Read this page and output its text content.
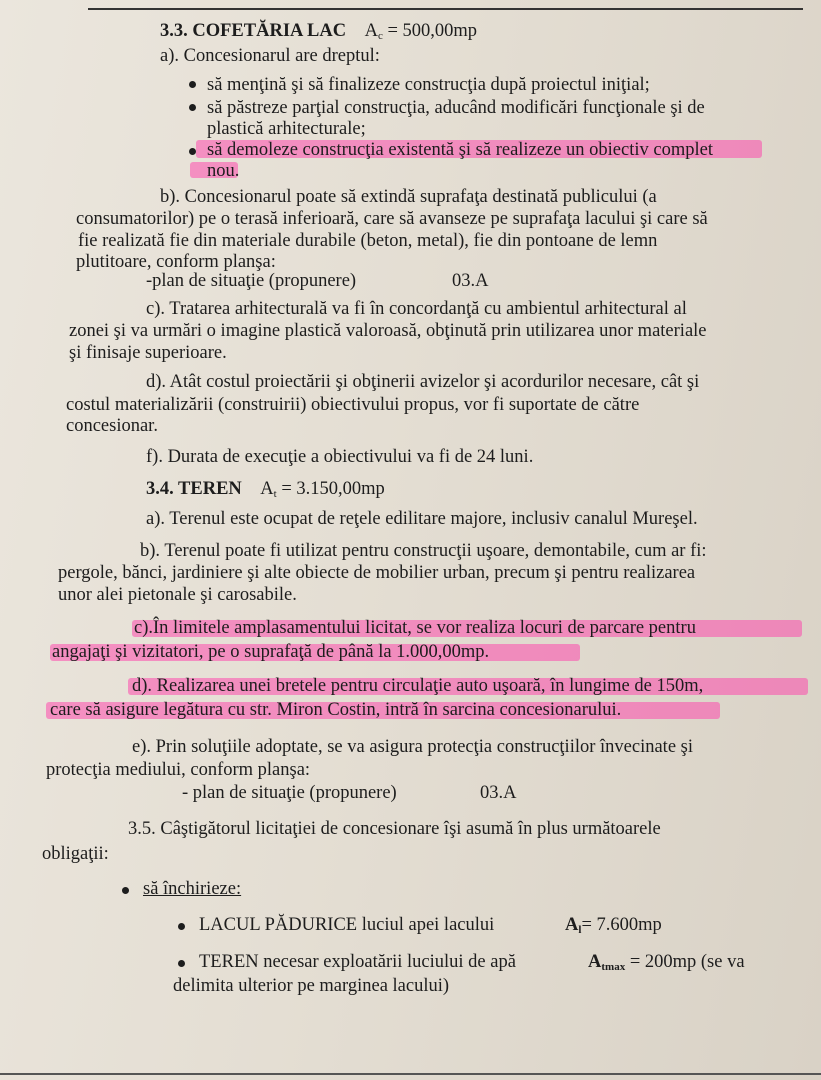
3.3. COFETĂRIA LAC $A_c = 500,00mp$
a). Concesionarul are dreptul:
să menţină şi să finalizeze construcţia după proiectul iniţial;
să păstreze parţial construcţia, aducând modificări funcţionale şi de
plastică arhitecturale;
să demoleze construcţia existentă şi să realizeze un obiectiv complet
nou.
b). Concesionarul poate să extindă suprafaţa destinată publicului (a
consumatorilor) pe o terasă inferioară, care să avanseze pe suprafaţa lacului şi care să
fie realizată fie din materiale durabile (beton, metal), fie din pontoane de lemn
plutitoare, conform planşa:
-plan de situaţie (propunere)	03.A
c). Tratarea arhitecturală va fi în concordanţă cu ambientul arhitectural al
zonei şi va urmări o imagine plastică valoroasă, obţinută prin utilizarea unor materiale
şi finisaje superioare.
d). Atât costul proiectării şi obţinerii avizelor şi acordurilor necesare, cât şi
costul materializării (construirii) obiectivului propus, vor fi suportate de către
concesionar.
f). Durata de execuţie a obiectivului va fi de 24 luni.
3.4. TEREN $A_t = 3.150,00mp$
a). Terenul este ocupat de reţele edilitare majore, inclusiv canalul Mureşel.
b). Terenul poate fi utilizat pentru construcţii uşoare, demontabile, cum ar fi:
pergole, bănci, jardiniere şi alte obiecte de mobilier urban, precum şi pentru realizarea
unor alei pietonale şi carosabile.
c).În limitele amplasamentului licitat, se vor realiza locuri de parcare pentru
angajaţi şi vizitatori, pe o suprafaţă de până la 1.000,00mp.
d). Realizarea unei bretele pentru circulaţie auto uşoară, în lungime de 150m,
care să asigure legătura cu str. Miron Costin, intră în sarcina concesionarului.
e). Prin soluţiile adoptate, se va asigura protecţia construcţiilor învecinate şi
protecţia mediului, conform planşa:
- plan de situaţie (propunere)	03.A
3.5. Câştigătorul licitaţiei de concesionare îşi asumă în plus următoarele
obligaţii:
să închirieze:
LACUL PĂDURICE luciul apei lacului	$A_l= 7.600mp$
TEREN necesar exploatării luciului de apă	$A_{tmax} = 200mp$ (se va
delimita ulterior pe marginea lacului)
